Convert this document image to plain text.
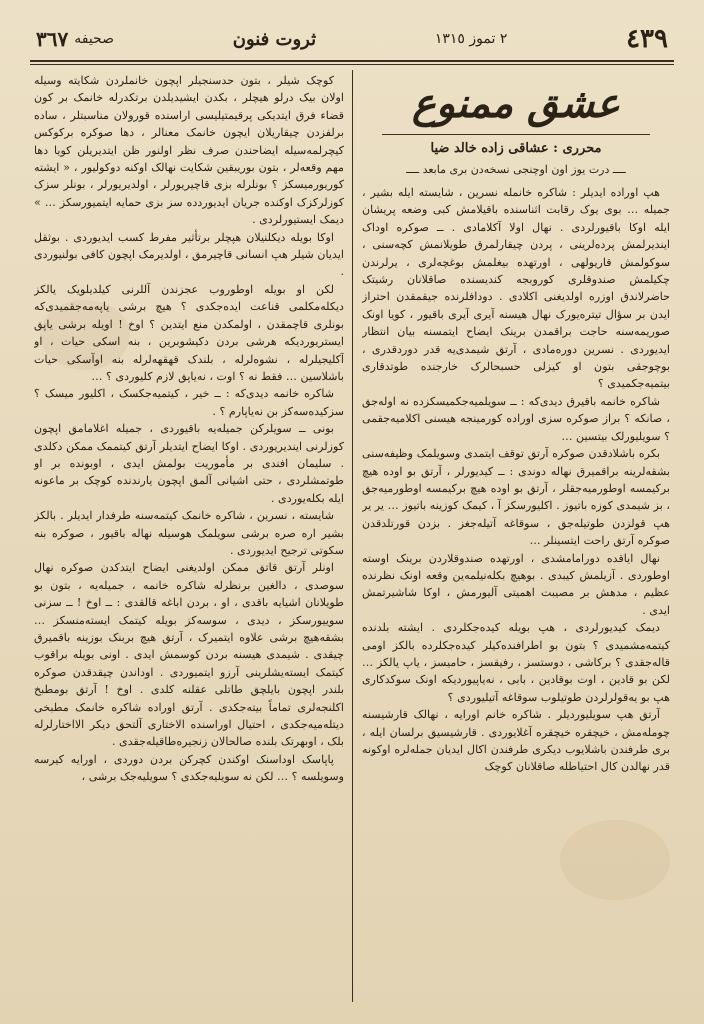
٤٣٩
٢ تموز ١٣١٥
ثروت فنون
صحيفه
٣٦٧
عشق ممنوع

محرری : عشاقی زاده خالد ضیا

ــــ درت یوز اون اوچنجی نسخه‌دن بری مابعد ــــ

هپ اوراده ایدیلر : شاکره خانمله نسرین ، شایسته ایله بشیر ، جمیله … بوی یوک رقابت اثناسنده باقیلامش کبی وضعه پریشان ایله اوکا باقیورلردی . نهال اولا آکلامادی . ــ صوکره اوداک ایندیرلمش پرده‌لرینی ، پردن چیقارلمرق طویلانمش کچه‌سنی ، سوکولمش قاریولهی ، اورتهده بیغلمش بوغچه‌لری ، یرلرندن چکیلمش صندوقلری کوروبجه کندیسنده صاقلانان رشیتک حاضرلاندق اوزره اولدیغنی اکلادی . دودافلرنده جیقمقدن احتراز ایدن بر سؤال تیتره‌یورک نهال هیسنه آیری آیری باقیور ، کویا اونک صوریمه‌سنه حاجت براقمدن برینک ایضاح ایتمسنه بیان انتظار ایدیوردی . نسرین دوره‌مادی ، آرتق شیمدی‌یه قدر دوردقدری ، بوچوجقی بتون او کیزلی حسبحالرک خارجنده طوتدقاری بیتمیه‌جکمیدی ؟

شاکره خانمه باقیرق دیدی‌که : ــ سویلمیه‌جکمیسکزده نه اوله‌جق ، صانکه ؟ براز صوکره سزی اوراده کورمینجه هیسنی اکلامیه‌جقمی ؟ سویلیورلک بیتسین …

بکره باشلادقدن صوکره آرتق توقف ایتمدی وسویلمک وظیفه‌سنی بشقه‌لرینه براقمیرق نهاله دوندی : ــ کیدیورلر ، آرتق بو اوده هیچ برکیمسه اوطورمیه‌جقلر ، آرتق بو اوده هیچ برکیمسه اوطورمیه‌جق ، بز شیمدی کوزه باتیوز . اکلیورسکز آ ، کیمک کوزینه باتیوز … یر یر هپ قولزدن طوتیله‌جق ، سوقاغه آتیله‌جغز . بزدن قورتلدقدن صوکره آرتق راحت ایتسینلر …

نهال ایاقده دورامامشدی ، اورتهده صندوقلاردن برینک اوسته اوطوردی . آزیلمش کیبدی . بوهیچ بکله‌نیلمه‌ین وقعه اونک نظرنده عظیم ، مدهش بر مصیبت اهمیتی آلیورمش ، اوکا شاشیرتمش ایدی .

دیمک کیدیورلردی ، هپ بویله کیده‌جکلردی . ایشته بلدنده کیتمه‌مشمیدی ؟ بتون بو اطرافنده‌کیلر کیده‌جکلرده بالکز اومی قاله‌جقدی ؟ برکاشی ، دوستسز ، رفیقسز ، حامیسز ، یاپ یالکز … لکن بو قادین ، اوت بوقادین ، بابی ، نه‌یاپیوردیکه اونک سوکدکاری هپ بو یه‌قولرلردن طوتیلوب سوقاغه آتیلیوردی ؟

آرتق هپ سویلیوردیلر . شاکره خانم اورایه ، نهالک قارشیسنه چومله‌مش ، خیچقره خیچقره آغلایوردی . قارشیسیق برلسان ایله ، بری طرفندن باشلایوب دیکری طرفندن اکال ایدیان جمله‌لره اوکونه قدر نهالدن کال احتیاطله صاقلانان کوچک

کوچک شیلر ، بتون حدسنجیلر اپچون خانملردن شکایته وسیله اولان بیک درلو هیچلر ، بکدن ایشیدیلدن برتکدرله خانمک بر کون قضاء فرق ایتدیکی پرقیمتیلیسی اراسنده قورولان مناسبتلر ، ساده برلفزدن چیقاریلان ایچون خانمک معنالر ، دها صوکره برکوکس کیچرلمه‌سیله ایضاحندن صرف نظر اولنور ظن ایتدیریلن کویا دها مهم وقعه‌لر ، بتون بوریبقین شکایت نهالک اوکنه دوکولیور ، « ایشته کوریورمیسکز ؟ بونلرله بزی قاچیریورلر ، اولدیریورلر ، بونلر سزک کوزلرکزک اوکنده جریان ایدیوردده سز بزی حمایه ایتمیورسکز … » دیمک ایستیورلردی .

اوکا بویله دیکلنیلان هپچلر برتأثیر مفرط کسب ایدیوردی . بوثقل ایدیان شیلر هپ انسانی قاچیرمق ، اولدیرمک اپچون کافی بولنیوردی .

لکن او بویله اوطوروب عجزندن آللرنی کیلدیلویک یالکز دیکله‌مکلمی قناعت ایده‌جکدی ؟ هیچ برشی یاپه‌مه‌جقمیدی‌که بونلری قاچمقدن ، اولمکدن منع ایتدین ؟ اوخ ! اویله برشی یاپق ایستریوردیکه هرشی بردن دکیشوبرین ، بنه اسکی حیات ، او آکلیجیلرله ، نشوه‌لرله ، بلندک قهقهه‌لرله بنه اوآسکی حیات باشلاسین … فقط نه ؟ اوت ، نه‌یاپق لازم کلیوردی ؟ …

شاکره خانمه دیدی‌که : ــ خیر ، کیتمیه‌جکسک ، اکلیور میسک ؟ سزکیده‌سه‌کز بن نه‌یاپارم ؟ .

بونی ــ سویلرکن جمیله‌یه باقیوردی ، جمیله اغلامامق اپچون کوزلرنی ایندیریوردی . اوکا ایضاح ایتدیلر آرتق کیتممک ممکن دکلدی . سلیمان افندی بر مأموریت بولمش ایدی ، اوبونده بر او طوتمشلردی ، حتی اشیانی آلمق اپچون یارندنده کوچک بر ماعونه ایله بکله‌یوردی .

شایسته ، نسرین ، شاکره خانمک کیتمه‌سنه طرفدار ایدیلر . بالکز بشیر اره صره برشی سویلمک هوسیله نهاله باقیور ، صوکره بنه سکوتی ترجیح ایدیوردی .

اونلر آرتق قاتق ممکن اولدیغنی ایضاح ایتدکدن صوکره نهال سوصدی ، دالغین برنظرله شاکره خانمه ، جمیله‌یه ، بتون بو طویلانان اشیایه باقدی ، او ، بردن اباغه قالقدی : ــ اوخ ! ــ سزنی سوییورسکز ، دیدی ، سوسه‌کز بویله کیتمک ایسته‌منسکز … بشقه‌هیچ برشی علاوه ایتمیرک ، آرتق هیچ بربنک بوزینه باقمیرق چیقدی . شیمدی هیسنه بردن کوسمش ایدی . اونی بویله براقوب کیتمک ایسته‌یشلرینی آرزو ایتمیوردی . اوداندن چیقدقدن صوکره بلندر اپچون بایلچق طاتلی عقلنه کلدی . اوخ ! آرتق بومطبخ اکلنجه‌لری تماماً بیته‌جکدی . آرتق اوراده شاکره خانمک مطبخی دیتله‌میه‌جکدی ، احتیال اوراسنده الاختاری آلتحق دیکر الااختارلرله بلک ، اوبهرتک بلنده صالحالان زنجیره‌طاقیله‌جقدی .

پاپاسک اوداسنک اوکندن کچرکن بردن دوردی ، اورایه کیرسه وسویلسه ؟ … لکن نه سویلیه‌جکدی ؟ سویلیه‌جک برشی ،
